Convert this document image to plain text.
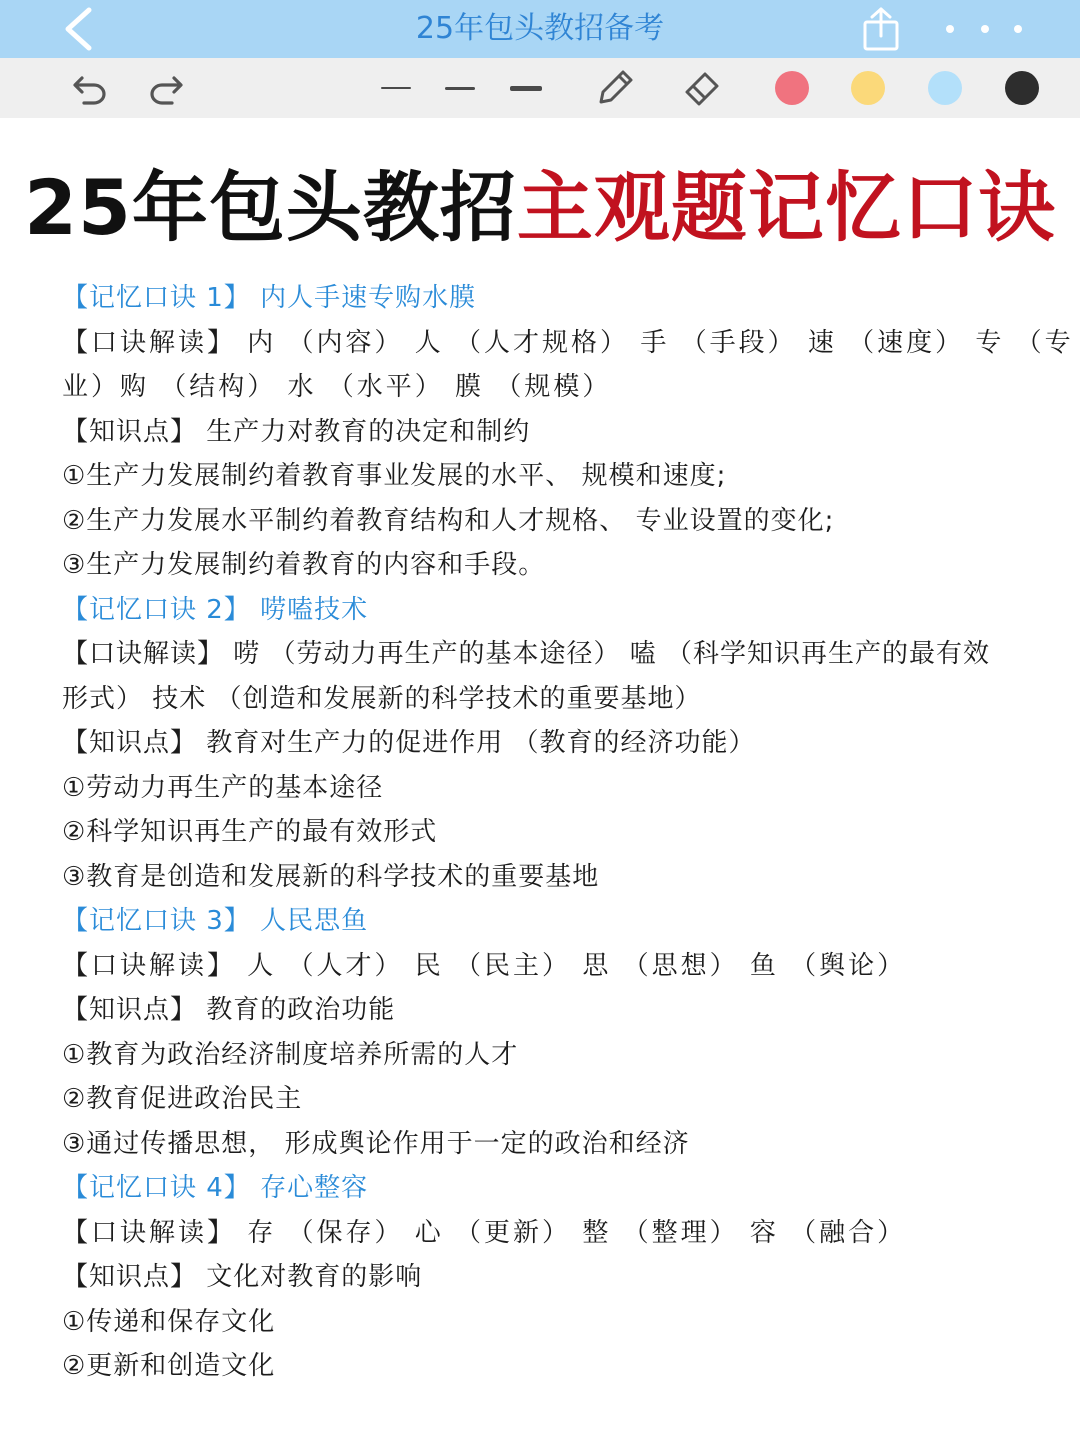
25年包头教招备考
25年包头教招主观题记忆口诀
【记忆口诀 1】 内人手速专购水膜
【口诀解读】 内 （内容） 人 （人才规格） 手 （手段） 速 （速度） 专 （专
业）购 （结构） 水 （水平） 膜 （规模）
【知识点】 生产力对教育的决定和制约
①生产力发展制约着教育事业发展的水平、 规模和速度;
②生产力发展水平制约着教育结构和人才规格、 专业设置的变化;
③生产力发展制约着教育的内容和手段。
【记忆口诀 2】 唠嗑技术
【口诀解读】 唠 （劳动力再生产的基本途径） 嗑 （科学知识再生产的最有效
形式） 技术 （创造和发展新的科学技术的重要基地）
【知识点】 教育对生产力的促进作用 （教育的经济功能）
①劳动力再生产的基本途径
②科学知识再生产的最有效形式
③教育是创造和发展新的科学技术的重要基地
【记忆口诀 3】 人民思鱼
【口诀解读】 人 （人才） 民 （民主） 思 （思想） 鱼 （舆论）
【知识点】 教育的政治功能
①教育为政治经济制度培养所需的人才
②教育促进政治民主
③通过传播思想， 形成舆论作用于一定的政治和经济
【记忆口诀 4】 存心整容
【口诀解读】 存 （保存） 心 （更新） 整 （整理） 容 （融合）
【知识点】 文化对教育的影响
①传递和保存文化
②更新和创造文化
